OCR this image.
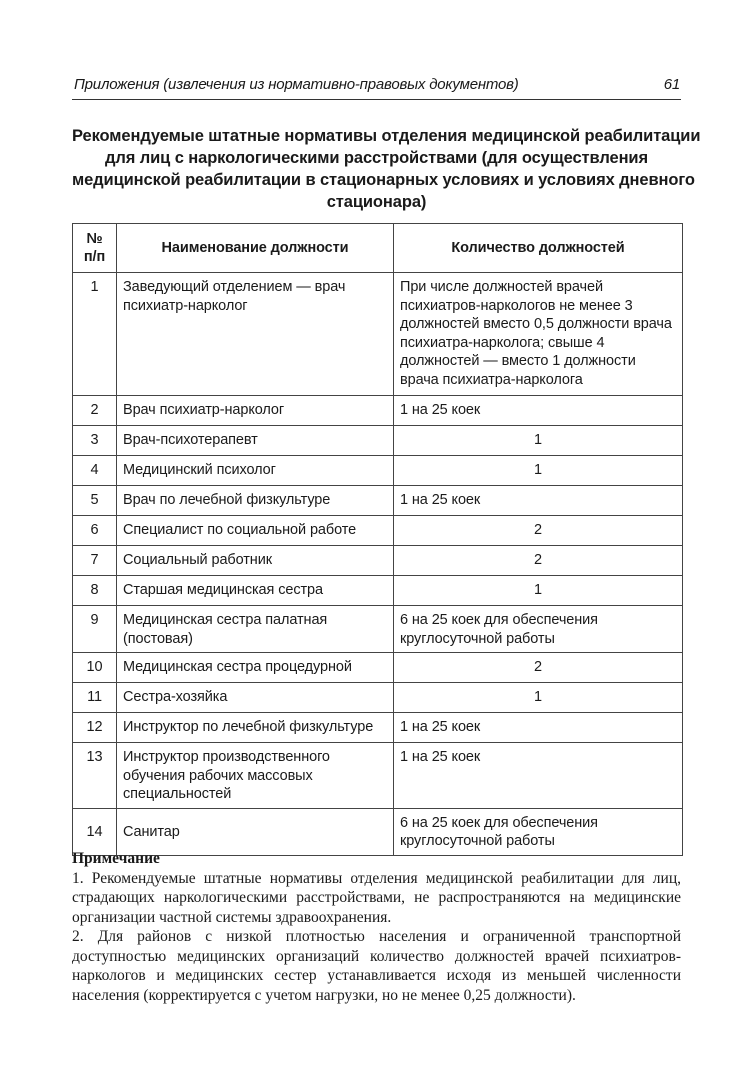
Приложения (извлечения из нормативно-правовых документов)	61
Рекомендуемые штатные нормативы отделения медицинской реабилитации
для лиц с наркологическими расстройствами (для осуществления
медицинской реабилитации в стационарных условиях и условиях дневного
стационара)
№
п/п	Наименование должности	Количество должностей
1	Заведующий отделением — врач психиатр-нарколог	При числе должностей врачей психиатров-наркологов не менее 3 должностей вместо 0,5 должности врача психиатра-нарколога; свыше 4 должностей — вместо 1 должности врача психиатра-нарколога
2	Врач психиатр-нарколог	1 на 25 коек
3	Врач-психотерапевт	1
4	Медицинский психолог	1
5	Врач по лечебной физкультуре	1 на 25 коек
6	Специалист по социальной работе	2
7	Социальный работник	2
8	Старшая медицинская сестра	1
9	Медицинская сестра палатная (постовая)	6 на 25 коек для обеспечения круглосуточной работы
10	Медицинская сестра процедурной	2
11	Сестра-хозяйка	1
12	Инструктор по лечебной физкультуре	1 на 25 коек
13	Инструктор производственного обучения рабочих массовых специальностей	1 на 25 коек
14	Санитар	6 на 25 коек для обеспечения круглосуточной работы
Примечание

1. Рекомендуемые штатные нормативы отделения медицинской реабилитации для лиц, страдающих наркологическими расстройствами, не распространяются на медицинские организации частной системы здравоохранения.

2. Для районов с низкой плотностью населения и ограниченной транспортной доступностью медицинских организаций количество должностей врачей психиатров-наркологов и медицинских сестер устанавливается исходя из меньшей численности населения (корректируется с учетом нагрузки, но не менее 0,25 должности).
